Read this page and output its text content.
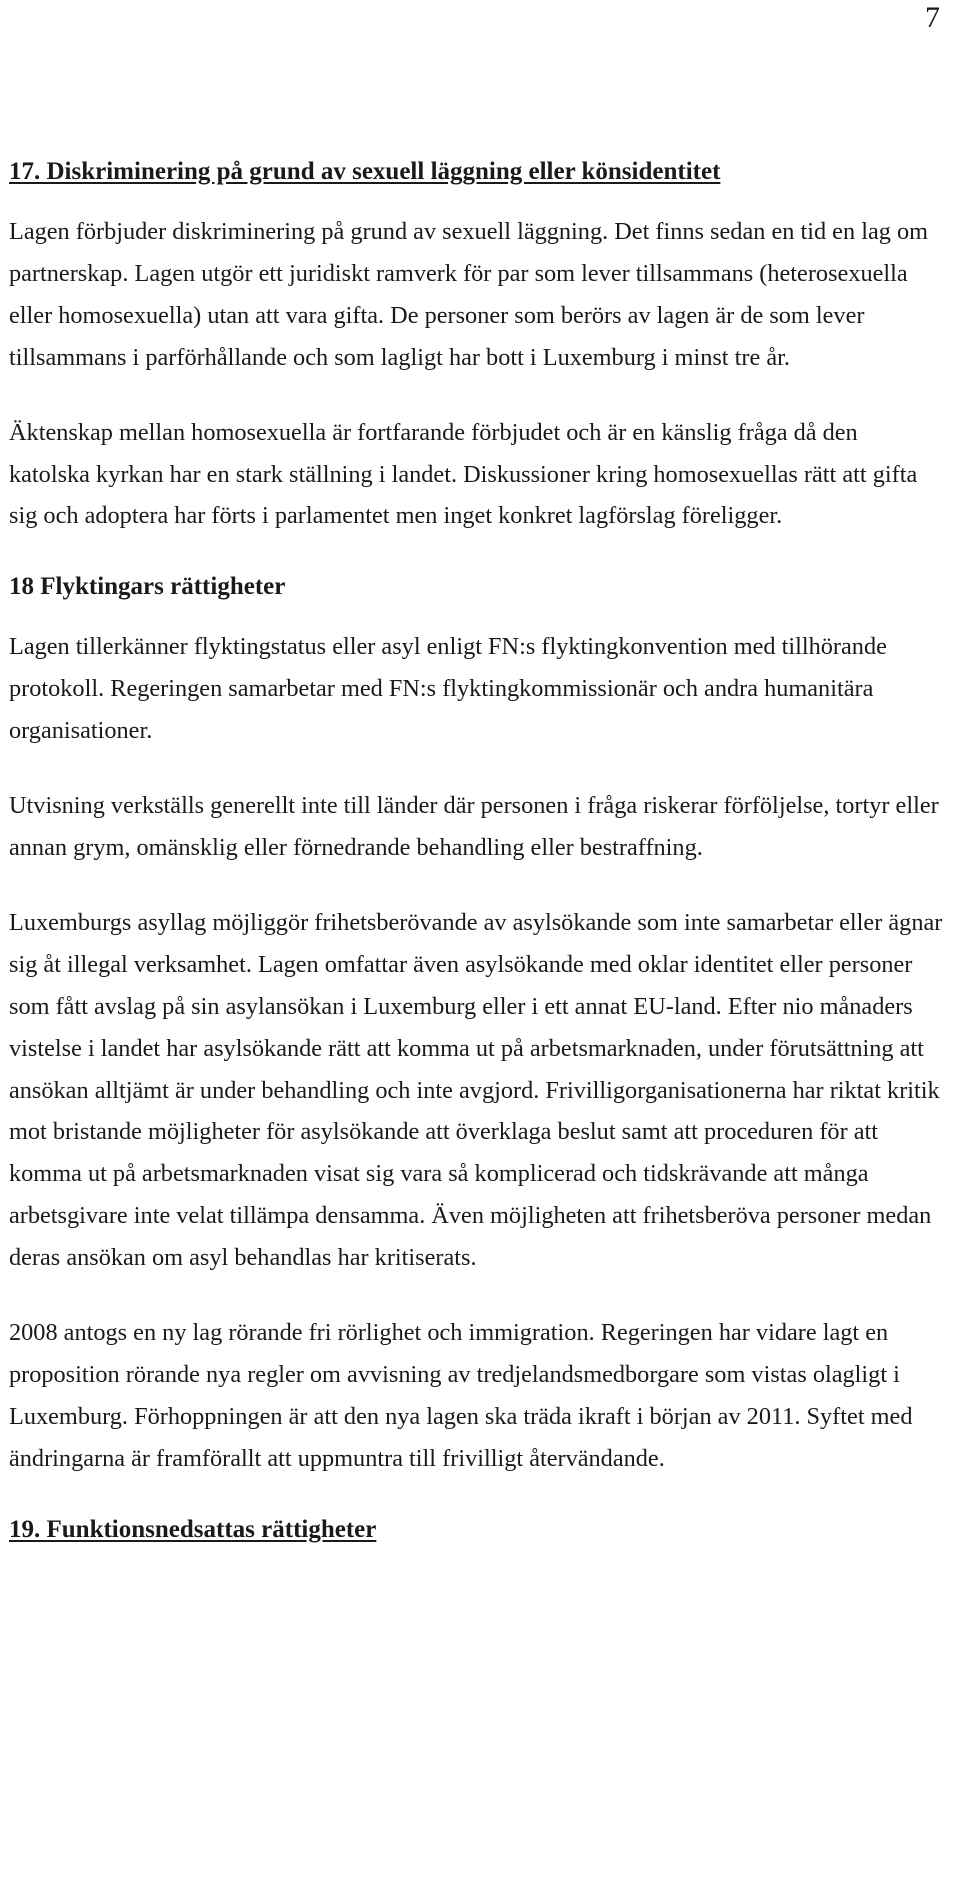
7
17. Diskriminering på grund av sexuell läggning eller könsidentitet

Lagen förbjuder diskriminering på grund av sexuell läggning. Det finns sedan en tid en lag om partnerskap. Lagen utgör ett juridiskt ramverk för par som lever tillsammans (heterosexuella eller homosexuella) utan att vara gifta. De personer som berörs av lagen är de som lever tillsammans i parförhållande och som lagligt har bott i Luxemburg i minst tre år.

Äktenskap mellan homosexuella är fortfarande förbjudet och är en känslig fråga då den katolska kyrkan har en stark ställning i landet. Diskussioner kring homosexuellas rätt att gifta sig och adoptera har förts i parlamentet men inget konkret lagförslag föreligger.

18 Flyktingars rättigheter

Lagen tillerkänner flyktingstatus eller asyl enligt FN:s flyktingkonvention med tillhörande protokoll. Regeringen samarbetar med FN:s flyktingkommissionär och andra humanitära organisationer.

Utvisning verkställs generellt inte till länder där personen i fråga riskerar förföljelse, tortyr eller annan grym, omänsklig eller förnedrande behandling eller bestraffning.

Luxemburgs asyllag möjliggör frihetsberövande av asylsökande som inte samarbetar eller ägnar sig åt illegal verksamhet. Lagen omfattar även asylsökande med oklar identitet eller personer som fått avslag på sin asylansökan i Luxemburg eller i ett annat EU-land. Efter nio månaders vistelse i landet har asylsökande rätt att komma ut på arbetsmarknaden, under förutsättning att ansökan alltjämt är under behandling och inte avgjord. Frivilligorganisationerna har riktat kritik mot bristande möjligheter för asylsökande att överklaga beslut samt att proceduren för att komma ut på arbetsmarknaden visat sig vara så komplicerad och tidskrävande att många arbetsgivare inte velat tillämpa densamma. Även möjligheten att frihetsberöva personer medan deras ansökan om asyl behandlas har kritiserats.

2008 antogs en ny lag rörande fri rörlighet och immigration. Regeringen har vidare lagt en proposition rörande nya regler om avvisning av tredjelandsmedborgare som vistas olagligt i Luxemburg. Förhoppningen är att den nya lagen ska träda ikraft i början av 2011. Syftet med ändringarna är framförallt att uppmuntra till frivilligt återvändande.

19. Funktionsnedsattas rättigheter
